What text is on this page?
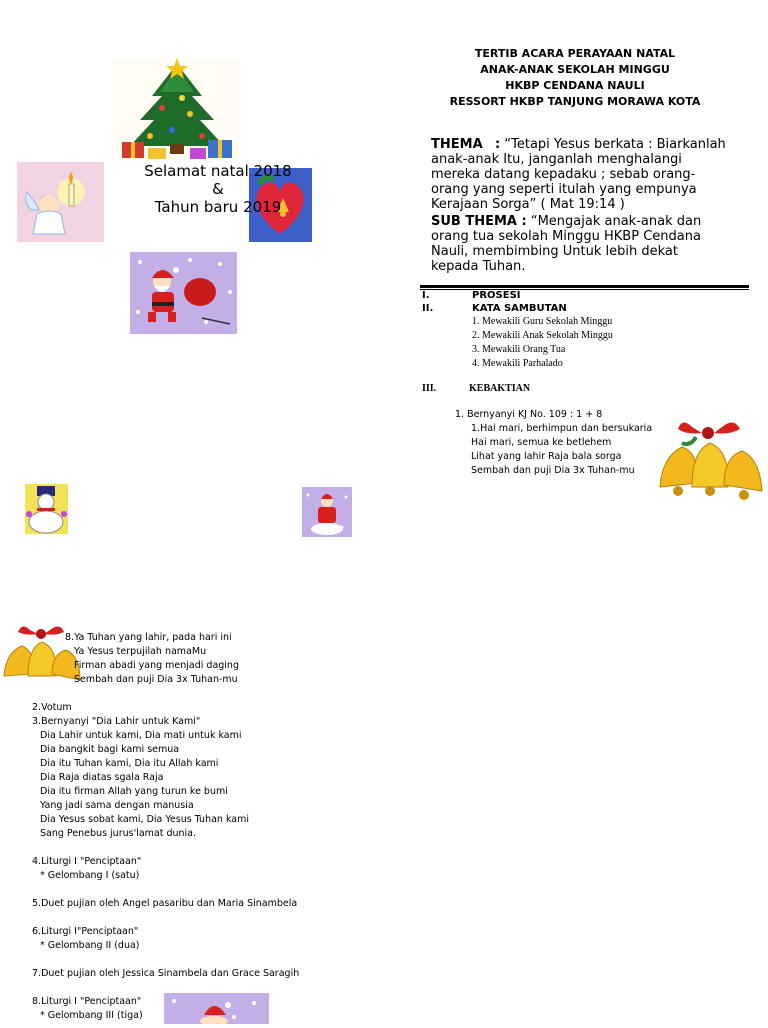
Selamat natal 2018
&
Tahun baru 2019
TERTIB ACARA PERAYAAN NATAL
ANAK-ANAK SEKOLAH MINGGU
HKBP CENDANA NAULI
RESSORT HKBP TANJUNG MORAWA KOTA
THEMA : “Tetapi Yesus berkata : Biarkanlah
anak-anak Itu, janganlah menghalangi
mereka datang kepadaku ; sebab orang-
orang yang seperti itulah yang empunya
Kerajaan Sorga” ( Mat 19:14 )
SUB THEMA : “Mengajak anak-anak dan
orang tua sekolah Minggu HKBP Cendana
Nauli, membimbing Untuk lebih dekat
kepada Tuhan.
I.	PROSESI
II.	KATA SAMBUTAN
1. Mewakili Guru Sekolah Minggu
2. Mewakili Anak Sekolah Minggu
3. Mewakili Orang Tua
4. Mewakili Parhalado
III.	KEBAKTIAN
1. Bernyanyi KJ No. 109 : 1 + 8
1.Hai mari, berhimpun dan bersukaria
Hai mari, semua ke betlehem
Lihat yang lahir Raja bala sorga
Sembah dan puji Dia 3x Tuhan-mu
8.Ya Tuhan yang lahir, pada hari ini
Ya Yesus terpujilah namaMu
Firman abadi yang menjadi daging
Sembah dan puji Dia 3x Tuhan-mu
2.Votum
3.Bernyanyi "Dia Lahir untuk Kami"
Dia Lahir untuk kami, Dia mati untuk kami
Dia bangkit bagi kami semua
Dia itu Tuhan kami, Dia itu Allah kami
Dia Raja diatas sgala Raja
Dia itu firman Allah yang turun ke bumi
Yang jadi sama dengan manusia
Dia Yesus sobat kami, Dia Yesus Tuhan kami
Sang Penebus jurus'lamat dunia.
4.Liturgi I "Penciptaan"
* Gelombang I (satu)
5.Duet pujian oleh Angel pasaribu dan Maria Sinambela
6.Liturgi I"Penciptaan"
* Gelombang II (dua)
7.Duet pujian oleh Jessica Sinambela dan Grace Saragih
8.Liturgi I "Penciptaan"
* Gelombang III (tiga)
